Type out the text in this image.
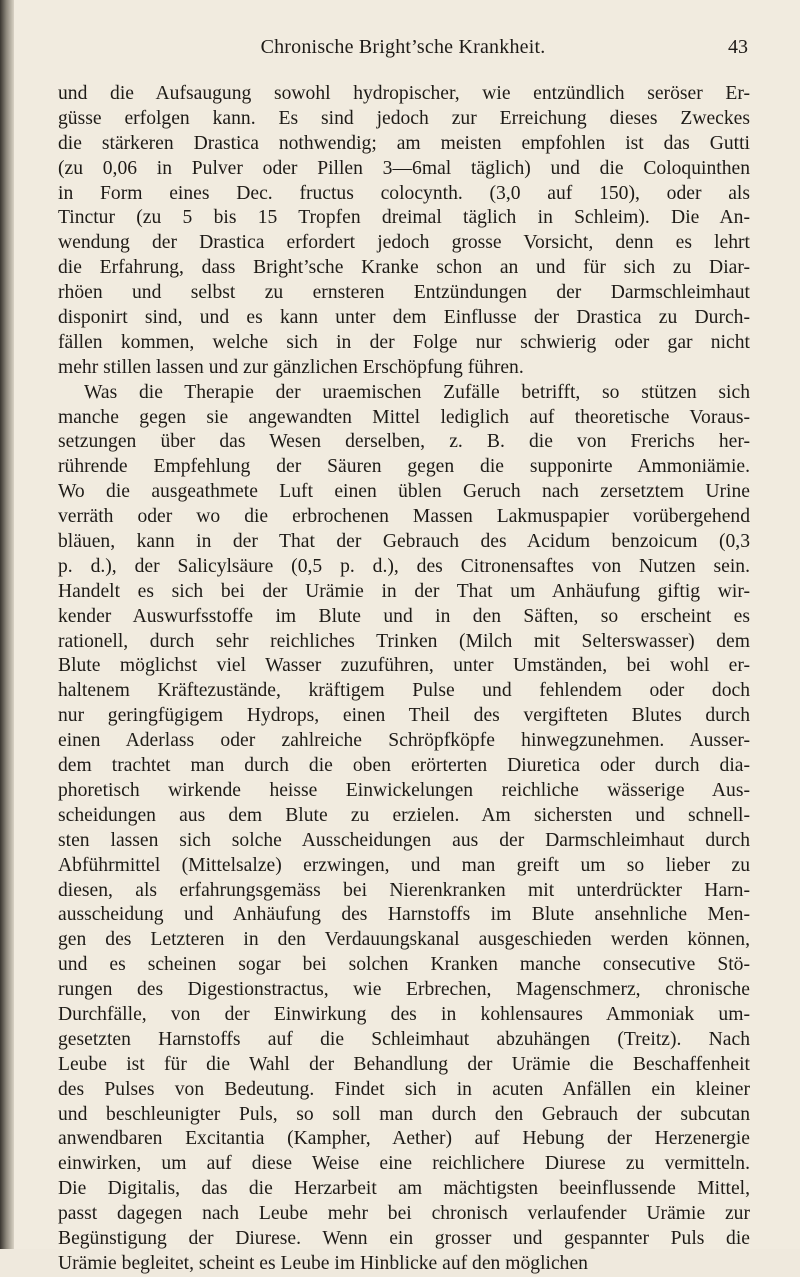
Chronische Bright’sche Krankheit.	43
und die Aufsaugung sowohl hydropischer, wie entzündlich seröser Er-
güsse erfolgen kann. Es sind jedoch zur Erreichung dieses Zweckes
die stärkeren Drastica nothwendig; am meisten empfohlen ist das Gutti
(zu 0,06 in Pulver oder Pillen 3—6mal täglich) und die Coloquinthen
in Form eines Dec. fructus colocynth. (3,0 auf 150), oder als
Tinctur (zu 5 bis 15 Tropfen dreimal täglich in Schleim). Die An-
wendung der Drastica erfordert jedoch grosse Vorsicht, denn es lehrt
die Erfahrung, dass Bright’sche Kranke schon an und für sich zu Diar-
rhöen und selbst zu ernsteren Entzündungen der Darmschleimhaut
disponirt sind, und es kann unter dem Einflusse der Drastica zu Durch-
fällen kommen, welche sich in der Folge nur schwierig oder gar nicht
mehr stillen lassen und zur gänzlichen Erschöpfung führen.
Was die Therapie der uraemischen Zufälle betrifft, so stützen sich
manche gegen sie angewandten Mittel lediglich auf theoretische Voraus-
setzungen über das Wesen derselben, z. B. die von Frerichs her-
rührende Empfehlung der Säuren gegen die supponirte Ammoniämie.
Wo die ausgeathmete Luft einen üblen Geruch nach zersetztem Urine
verräth oder wo die erbrochenen Massen Lakmuspapier vorübergehend
bläuen, kann in der That der Gebrauch des Acidum benzoicum (0,3
p. d.), der Salicylsäure (0,5 p. d.), des Citronensaftes von Nutzen sein.
Handelt es sich bei der Urämie in der That um Anhäufung giftig wir-
kender Auswurfsstoffe im Blute und in den Säften, so erscheint es
rationell, durch sehr reichliches Trinken (Milch mit Selterswasser) dem
Blute möglichst viel Wasser zuzuführen, unter Umständen, bei wohl er-
haltenem Kräftezustände, kräftigem Pulse und fehlendem oder doch
nur geringfügigem Hydrops, einen Theil des vergifteten Blutes durch
einen Aderlass oder zahlreiche Schröpfköpfe hinwegzunehmen. Ausser-
dem trachtet man durch die oben erörterten Diuretica oder durch dia-
phoretisch wirkende heisse Einwickelungen reichliche wässerige Aus-
scheidungen aus dem Blute zu erzielen. Am sichersten und schnell-
sten lassen sich solche Ausscheidungen aus der Darmschleimhaut durch
Abführmittel (Mittelsalze) erzwingen, und man greift um so lieber zu
diesen, als erfahrungsgemäss bei Nierenkranken mit unterdrückter Harn-
ausscheidung und Anhäufung des Harnstoffs im Blute ansehnliche Men-
gen des Letzteren in den Verdauungskanal ausgeschieden werden können,
und es scheinen sogar bei solchen Kranken manche consecutive Stö-
rungen des Digestionstractus, wie Erbrechen, Magenschmerz, chronische
Durchfälle, von der Einwirkung des in kohlensaures Ammoniak um-
gesetzten Harnstoffs auf die Schleimhaut abzuhängen (Treitz). Nach
Leube ist für die Wahl der Behandlung der Urämie die Beschaffenheit
des Pulses von Bedeutung. Findet sich in acuten Anfällen ein kleiner
und beschleunigter Puls, so soll man durch den Gebrauch der subcutan
anwendbaren Excitantia (Kampher, Aether) auf Hebung der Herzenergie
einwirken, um auf diese Weise eine reichlichere Diurese zu vermitteln.
Die Digitalis, das die Herzarbeit am mächtigsten beeinflussende Mittel,
passt dagegen nach Leube mehr bei chronisch verlaufender Urämie zur
Begünstigung der Diurese. Wenn ein grosser und gespannter Puls die
Urämie begleitet, scheint es Leube im Hinblicke auf den möglichen
